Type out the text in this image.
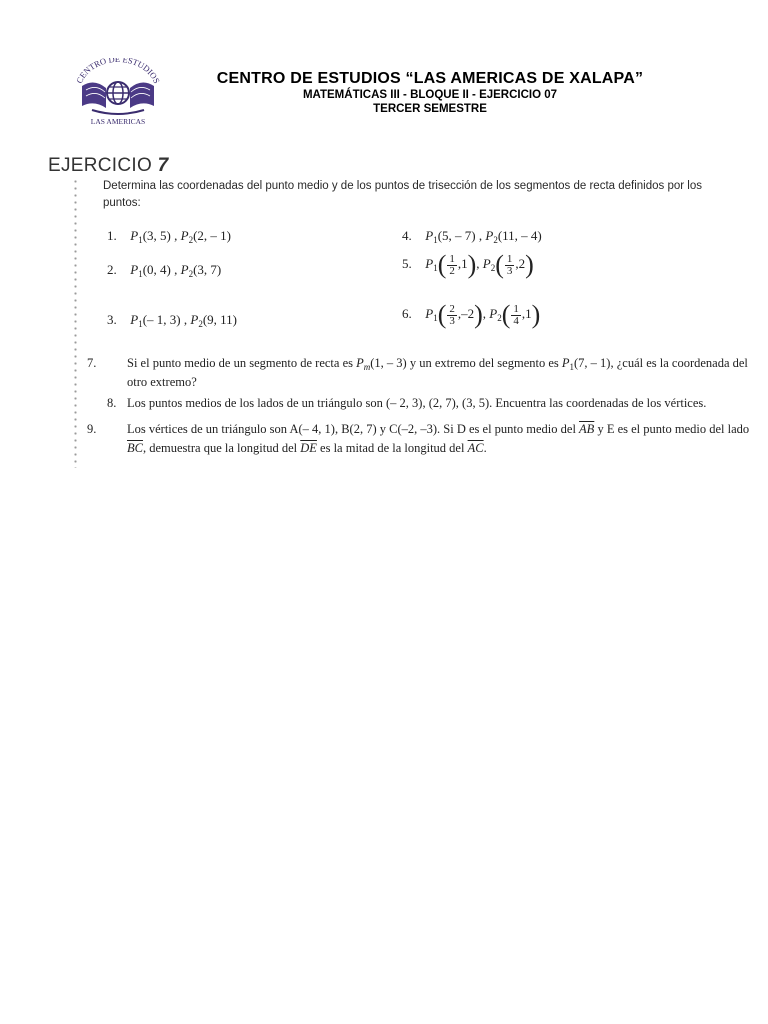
CENTRO DE ESTUDIOS
LAS AMERICAS
CENTRO DE ESTUDIOS “LAS AMERICAS DE XALAPA”
MATEMÁTICAS III - BLOQUE II - EJERCICIO 07
TERCER SEMESTRE
EJERCICIO 7
Determina las coordenadas del punto medio y de los puntos de trisección de los segmentos de recta definidos por los puntos:
1. $P_1(3$, 5) , $P_2(2$, – 1)
2. $P_1(0$, 4) , $P_2(3$, 7)
3. $P_1(-$ 1, 3) , $P_2(9$, 11)
4. $P_1(5$, – 7) , $P_2(11$, – 4)
5. $P_1( \frac{1}{2} ,1)$, $P_2( \frac{1}{3} ,2)$
6. $P_1( \frac{2}{3} ,-2)$, $P_2( \frac{1}{4} ,1)$
7. Si el punto medio de un segmento de recta es $P_m(1$, – 3) y un extremo del segmento es $P_1(7$, – 1), ¿cuál es la coordenada del otro extremo?
8. Los puntos medios de los lados de un triángulo son (– 2, 3), (2, 7), (3, 5). Encuentra las coordenadas de los vértices.
9. Los vértices de un triángulo son A(– 4, 1), B(2, 7) y C(–2, –3). Si D es el punto medio del $\overline{AB}$ y E es el punto medio del lado $\overline{BC}$, demuestra que la longitud del $\overline{DE}$ es la mitad de la longitud del $\overline{AC}$.
